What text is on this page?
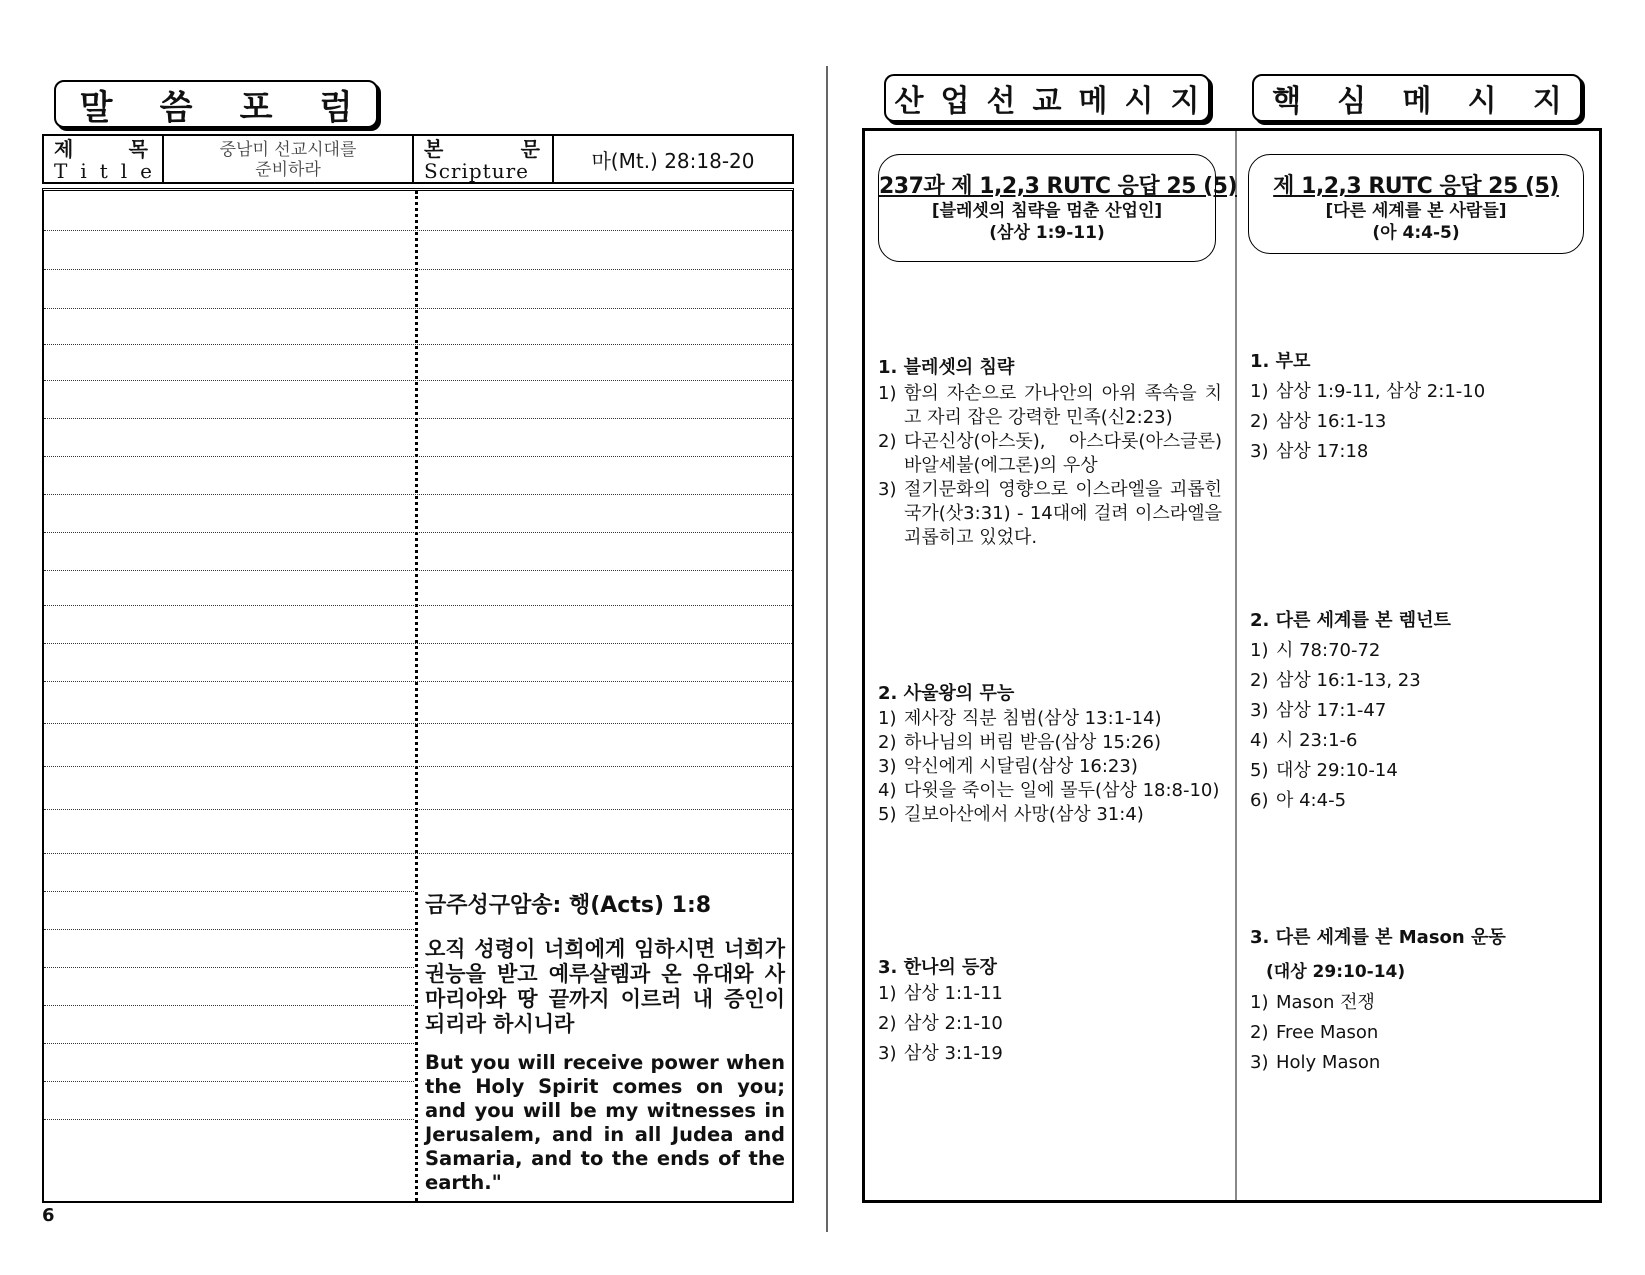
말 씀 포 럼
제	목
T i t l e
중남미 선교시대를
준비하라
본	문
Scripture	마(Mt.) 28:18-20
금주성구암송: 행(Acts) 1:8
오직 성령이 너희에게 임하시면 너희가 권능을 받고 예루살렘과 온 유대와 사마리아와 땅 끝까지 이르러 내 증인이 되리라 하시니라
But you will receive power when the Holy Spirit comes on you; and you will be my witnesses in Jerusalem, and in all Judea and Samaria, and to the ends of the earth."
6
산 업 선 교 메 시 지 핵 심 메 시 지
237과 제 1,2,3 RUTC 응답 25 (5)
[블레셋의 침략을 멈춘 산업인]
(삼상 1:9-11)
제 1,2,3 RUTC 응답 25 (5)
[다른 세계를 본 사람들]
(아 4:4-5)
1. 블레셋의 침략
1) 함의 자손으로 가나안의 아위 족속을 치고 자리 잡은 강력한 민족(신2:23)
2) 다곤신상(아스돗), 아스다롯(아스글론) 바알세불(에그론)의 우상
3) 절기문화의 영향으로 이스라엘을 괴롭힌 국가(삿3:31) - 14대에 걸려 이스라엘을 괴롭히고 있었다.
2. 사울왕의 무능
1) 제사장 직분 침범(삼상 13:1-14)
2) 하나님의 버림 받음(삼상 15:26)
3) 악신에게 시달림(삼상 16:23)
4) 다윗을 죽이는 일에 몰두(삼상 18:8-10)
5) 길보아산에서 사망(삼상 31:4)
3. 한나의 등장
1) 삼상 1:1-11
2) 삼상 2:1-10
3) 삼상 3:1-19
1. 부모
1) 삼상 1:9-11, 삼상 2:1-10
2) 삼상 16:1-13
3) 삼상 17:18
2. 다른 세계를 본 렘넌트
1) 시 78:70-72
2) 삼상 16:1-13, 23
3) 삼상 17:1-47
4) 시 23:1-6
5) 대상 29:10-14
6) 아 4:4-5
3. 다른 세계를 본 Mason 운동
(대상 29:10-14)
1) Mason 전쟁
2) Free Mason
3) Holy Mason
